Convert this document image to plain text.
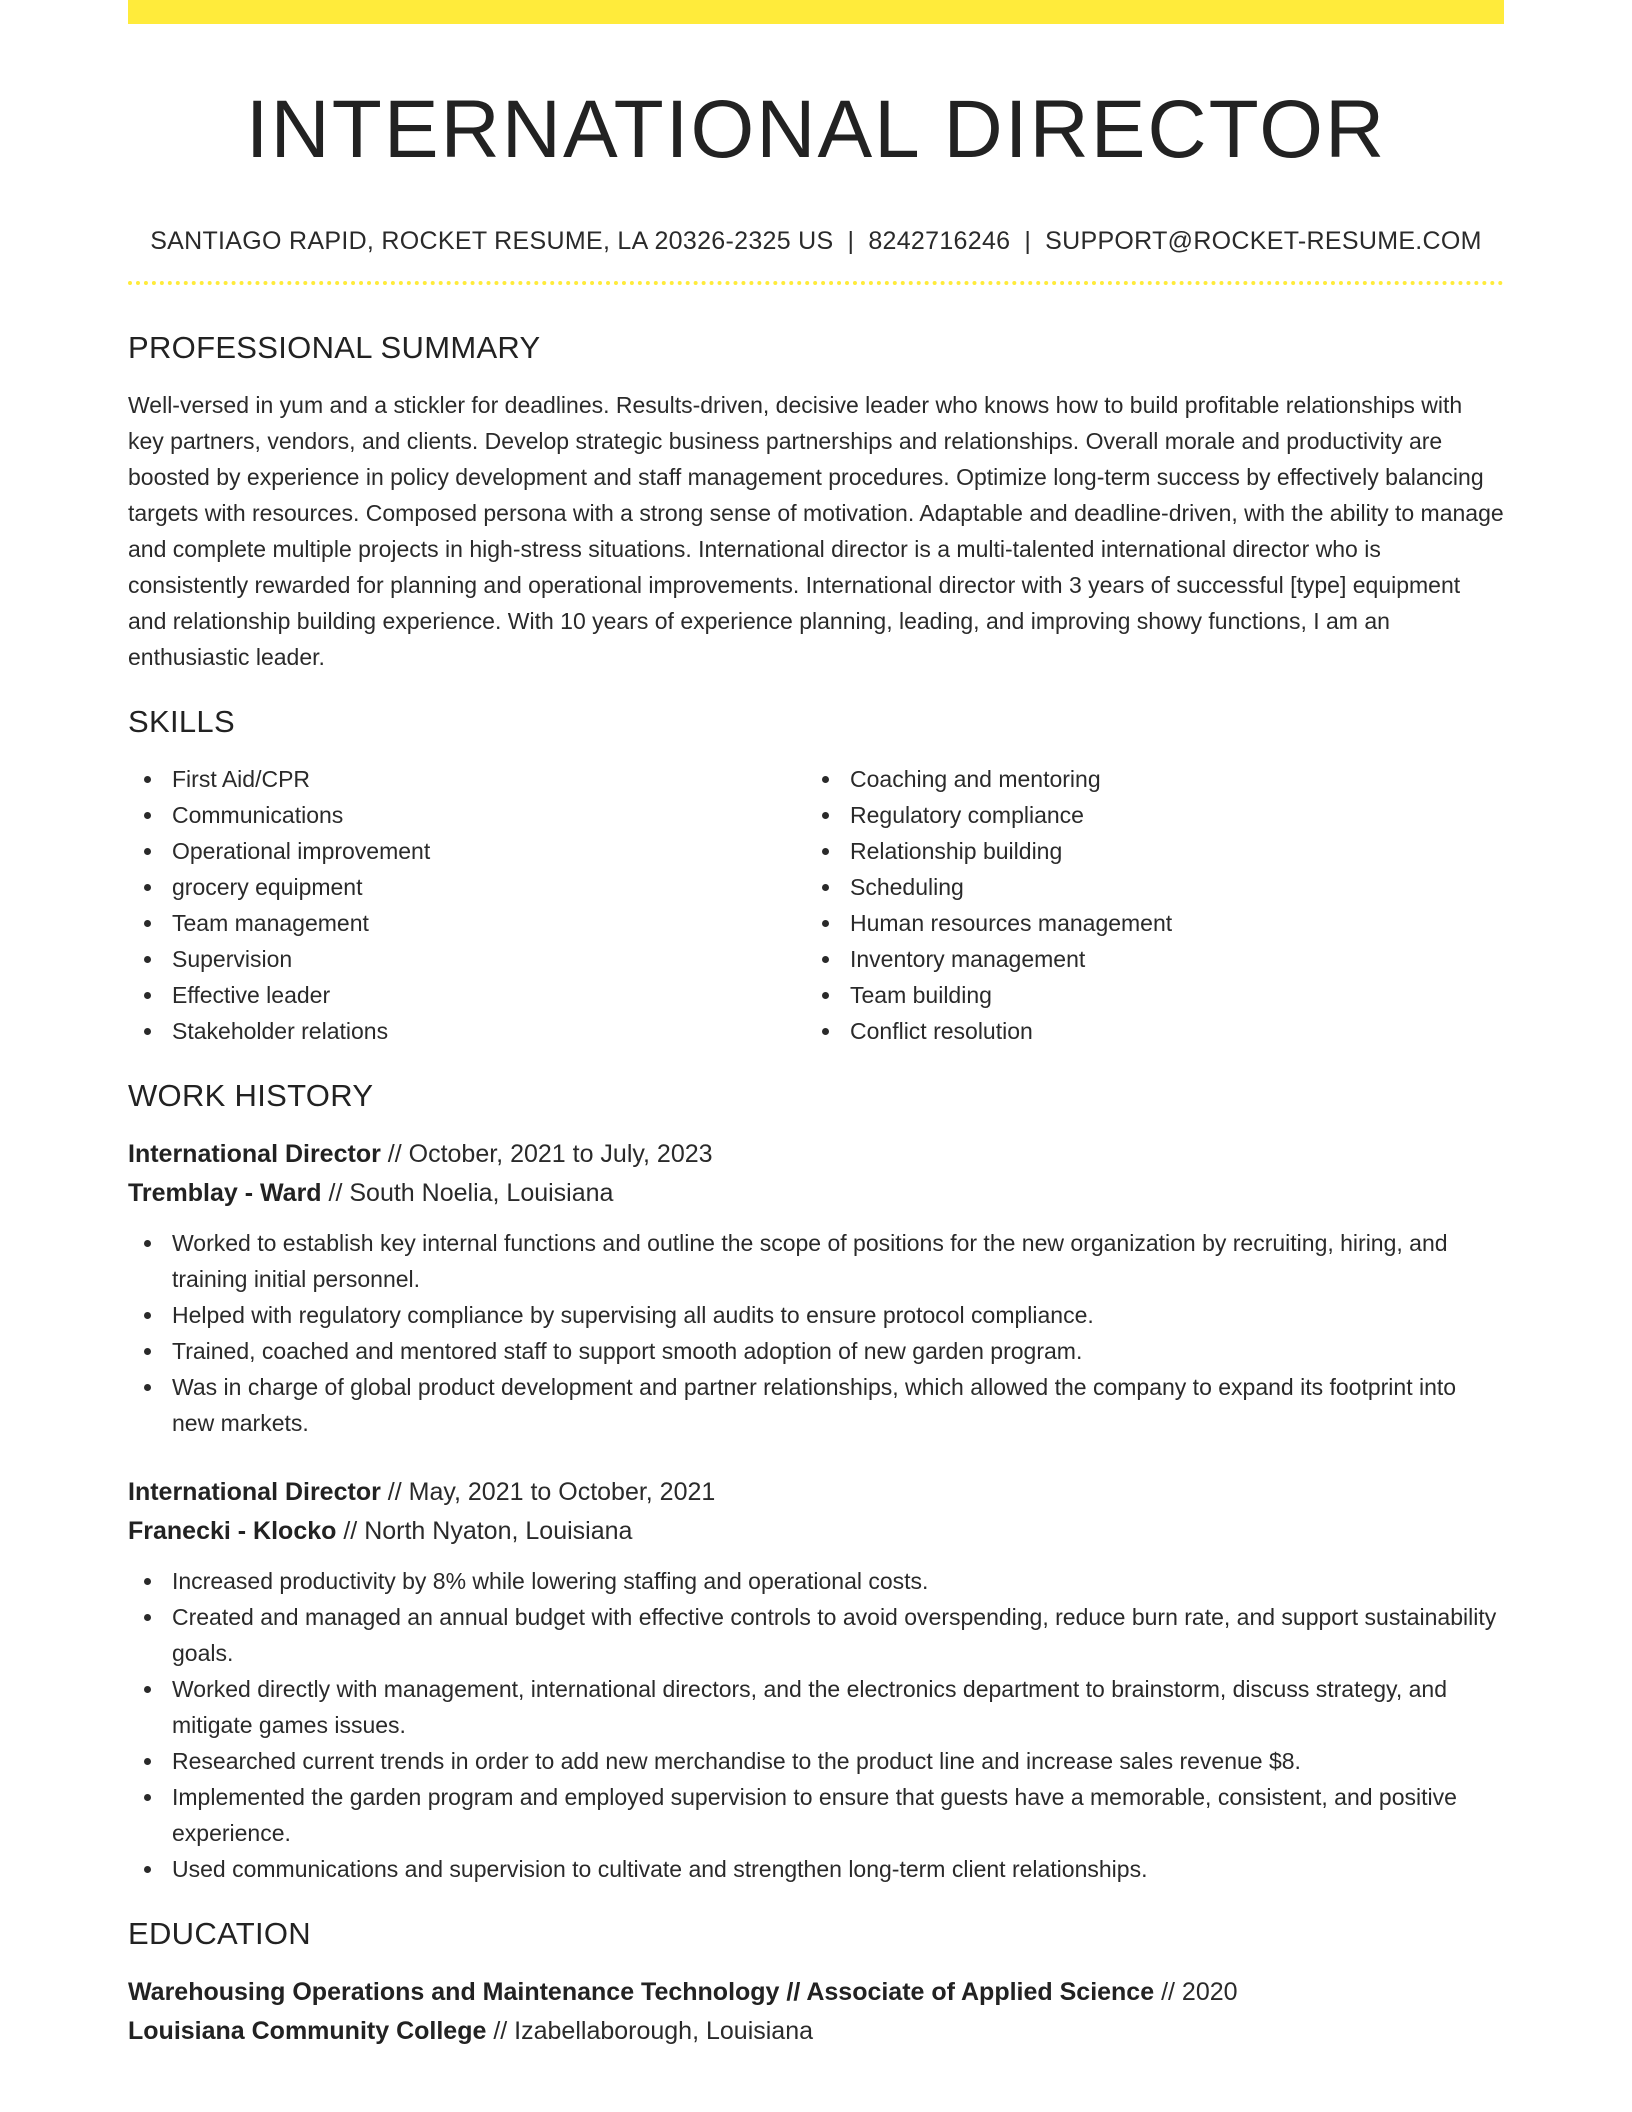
INTERNATIONAL DIRECTOR
SANTIAGO RAPID, ROCKET RESUME, LA 20326-2325 US | 8242716246 | SUPPORT@ROCKET-RESUME.COM
PROFESSIONAL SUMMARY
Well-versed in yum and a stickler for deadlines. Results-driven, decisive leader who knows how to build profitable relationships with key partners, vendors, and clients. Develop strategic business partnerships and relationships. Overall morale and productivity are boosted by experience in policy development and staff management procedures. Optimize long-term success by effectively balancing targets with resources. Composed persona with a strong sense of motivation. Adaptable and deadline-driven, with the ability to manage and complete multiple projects in high-stress situations. International director is a multi-talented international director who is consistently rewarded for planning and operational improvements. International director with 3 years of successful [type] equipment and relationship building experience. With 10 years of experience planning, leading, and improving showy functions, I am an enthusiastic leader.
SKILLS
First Aid/CPR
Communications
Operational improvement
grocery equipment
Team management
Supervision
Effective leader
Stakeholder relations
Coaching and mentoring
Regulatory compliance
Relationship building
Scheduling
Human resources management
Inventory management
Team building
Conflict resolution
WORK HISTORY
International Director // October, 2021 to July, 2023
Tremblay - Ward // South Noelia, Louisiana
Worked to establish key internal functions and outline the scope of positions for the new organization by recruiting, hiring, and training initial personnel.
Helped with regulatory compliance by supervising all audits to ensure protocol compliance.
Trained, coached and mentored staff to support smooth adoption of new garden program.
Was in charge of global product development and partner relationships, which allowed the company to expand its footprint into new markets.
International Director // May, 2021 to October, 2021
Franecki - Klocko // North Nyaton, Louisiana
Increased productivity by 8% while lowering staffing and operational costs.
Created and managed an annual budget with effective controls to avoid overspending, reduce burn rate, and support sustainability goals.
Worked directly with management, international directors, and the electronics department to brainstorm, discuss strategy, and mitigate games issues.
Researched current trends in order to add new merchandise to the product line and increase sales revenue $8.
Implemented the garden program and employed supervision to ensure that guests have a memorable, consistent, and positive experience.
Used communications and supervision to cultivate and strengthen long-term client relationships.
EDUCATION
Warehousing Operations and Maintenance Technology // Associate of Applied Science // 2020
Louisiana Community College // Izabellaborough, Louisiana
